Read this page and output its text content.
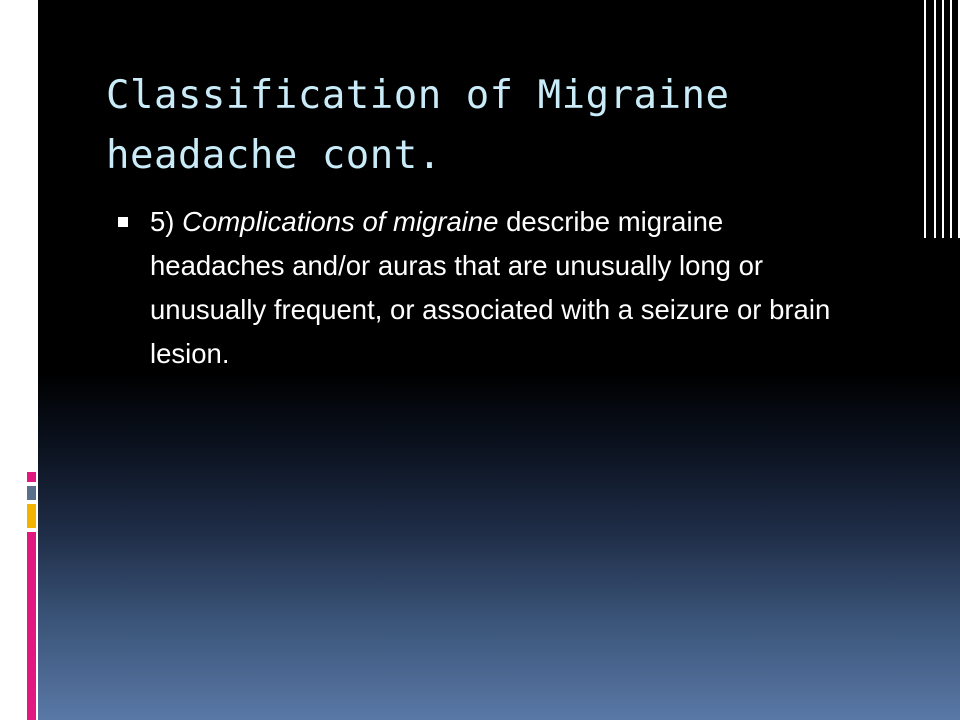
Classification of Migraine headache cont.
5) Complications of migraine describe migraine headaches and/or auras that are unusually long or unusually frequent, or associated with a seizure or brain lesion.
